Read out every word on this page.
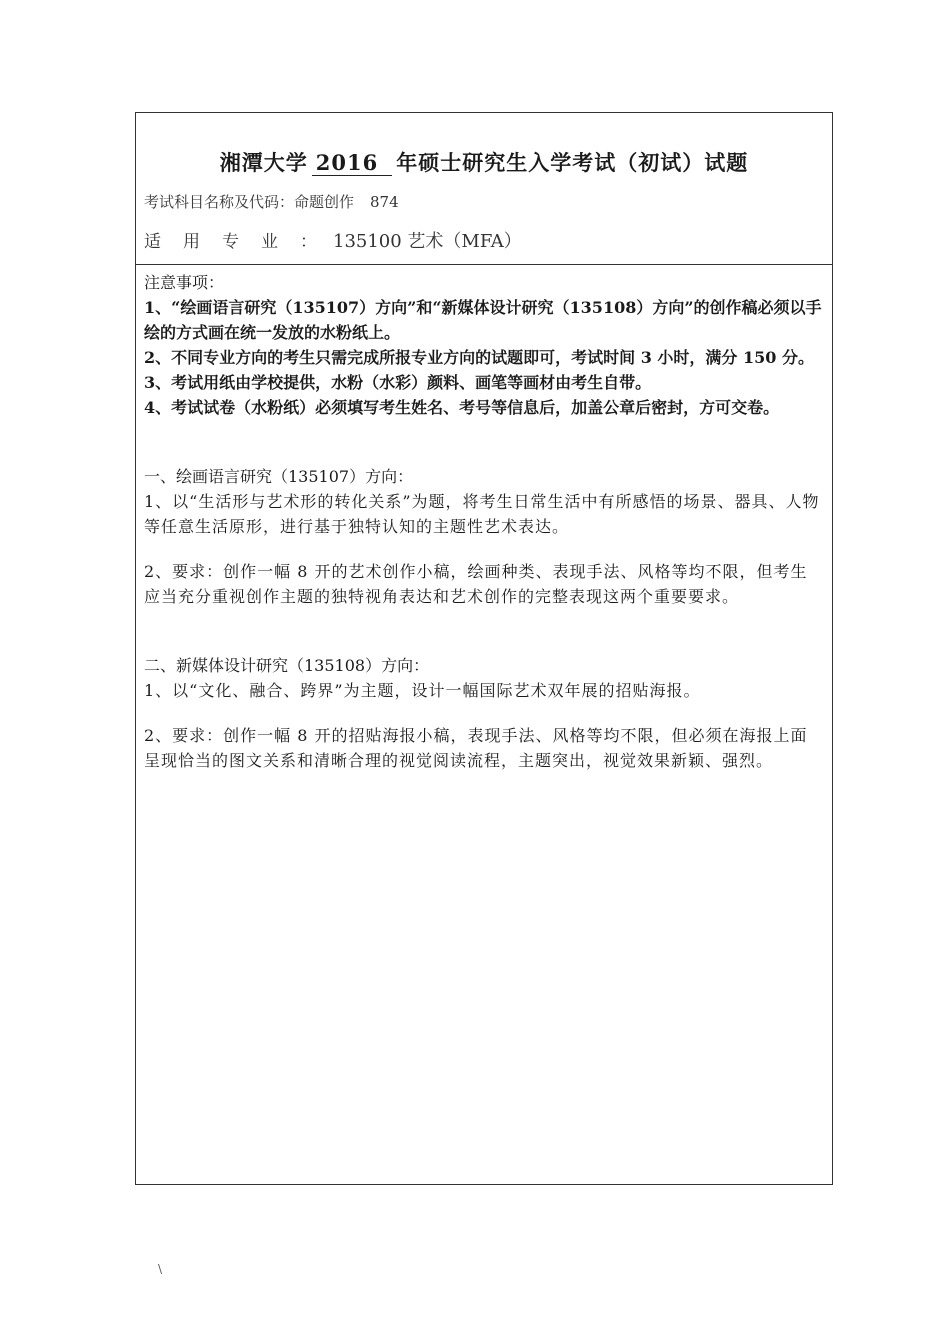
湘潭大学 2016 年硕士研究生入学考试（初试）试题
考试科目名称及代码：命题创作 874
适用专业：135100 艺术（MFA）
注意事项：
1、“绘画语言研究（135107）方向”和“新媒体设计研究（135108）方向”的创作稿必须以手绘的方式画在统一发放的水粉纸上。
2、不同专业方向的考生只需完成所报专业方向的试题即可，考试时间 3 小时，满分 150 分。
3、考试用纸由学校提供，水粉（水彩）颜料、画笔等画材由考生自带。
4、考试试卷（水粉纸）必须填写考生姓名、考号等信息后，加盖公章后密封，方可交卷。
一、绘画语言研究（135107）方向：
1、以“生活形与艺术形的转化关系”为题，将考生日常生活中有所感悟的场景、器具、人物等任意生活原形，进行基于独特认知的主题性艺术表达。
2、要求：创作一幅 8 开的艺术创作小稿，绘画种类、表现手法、风格等均不限，但考生应当充分重视创作主题的独特视角表达和艺术创作的完整表现这两个重要要求。
二、新媒体设计研究（135108）方向：
1、以“文化、融合、跨界”为主题，设计一幅国际艺术双年展的招贴海报。
2、要求：创作一幅 8 开的招贴海报小稿，表现手法、风格等均不限，但必须在海报上面呈现恰当的图文关系和清晰合理的视觉阅读流程，主题突出，视觉效果新颖、强烈。
\
